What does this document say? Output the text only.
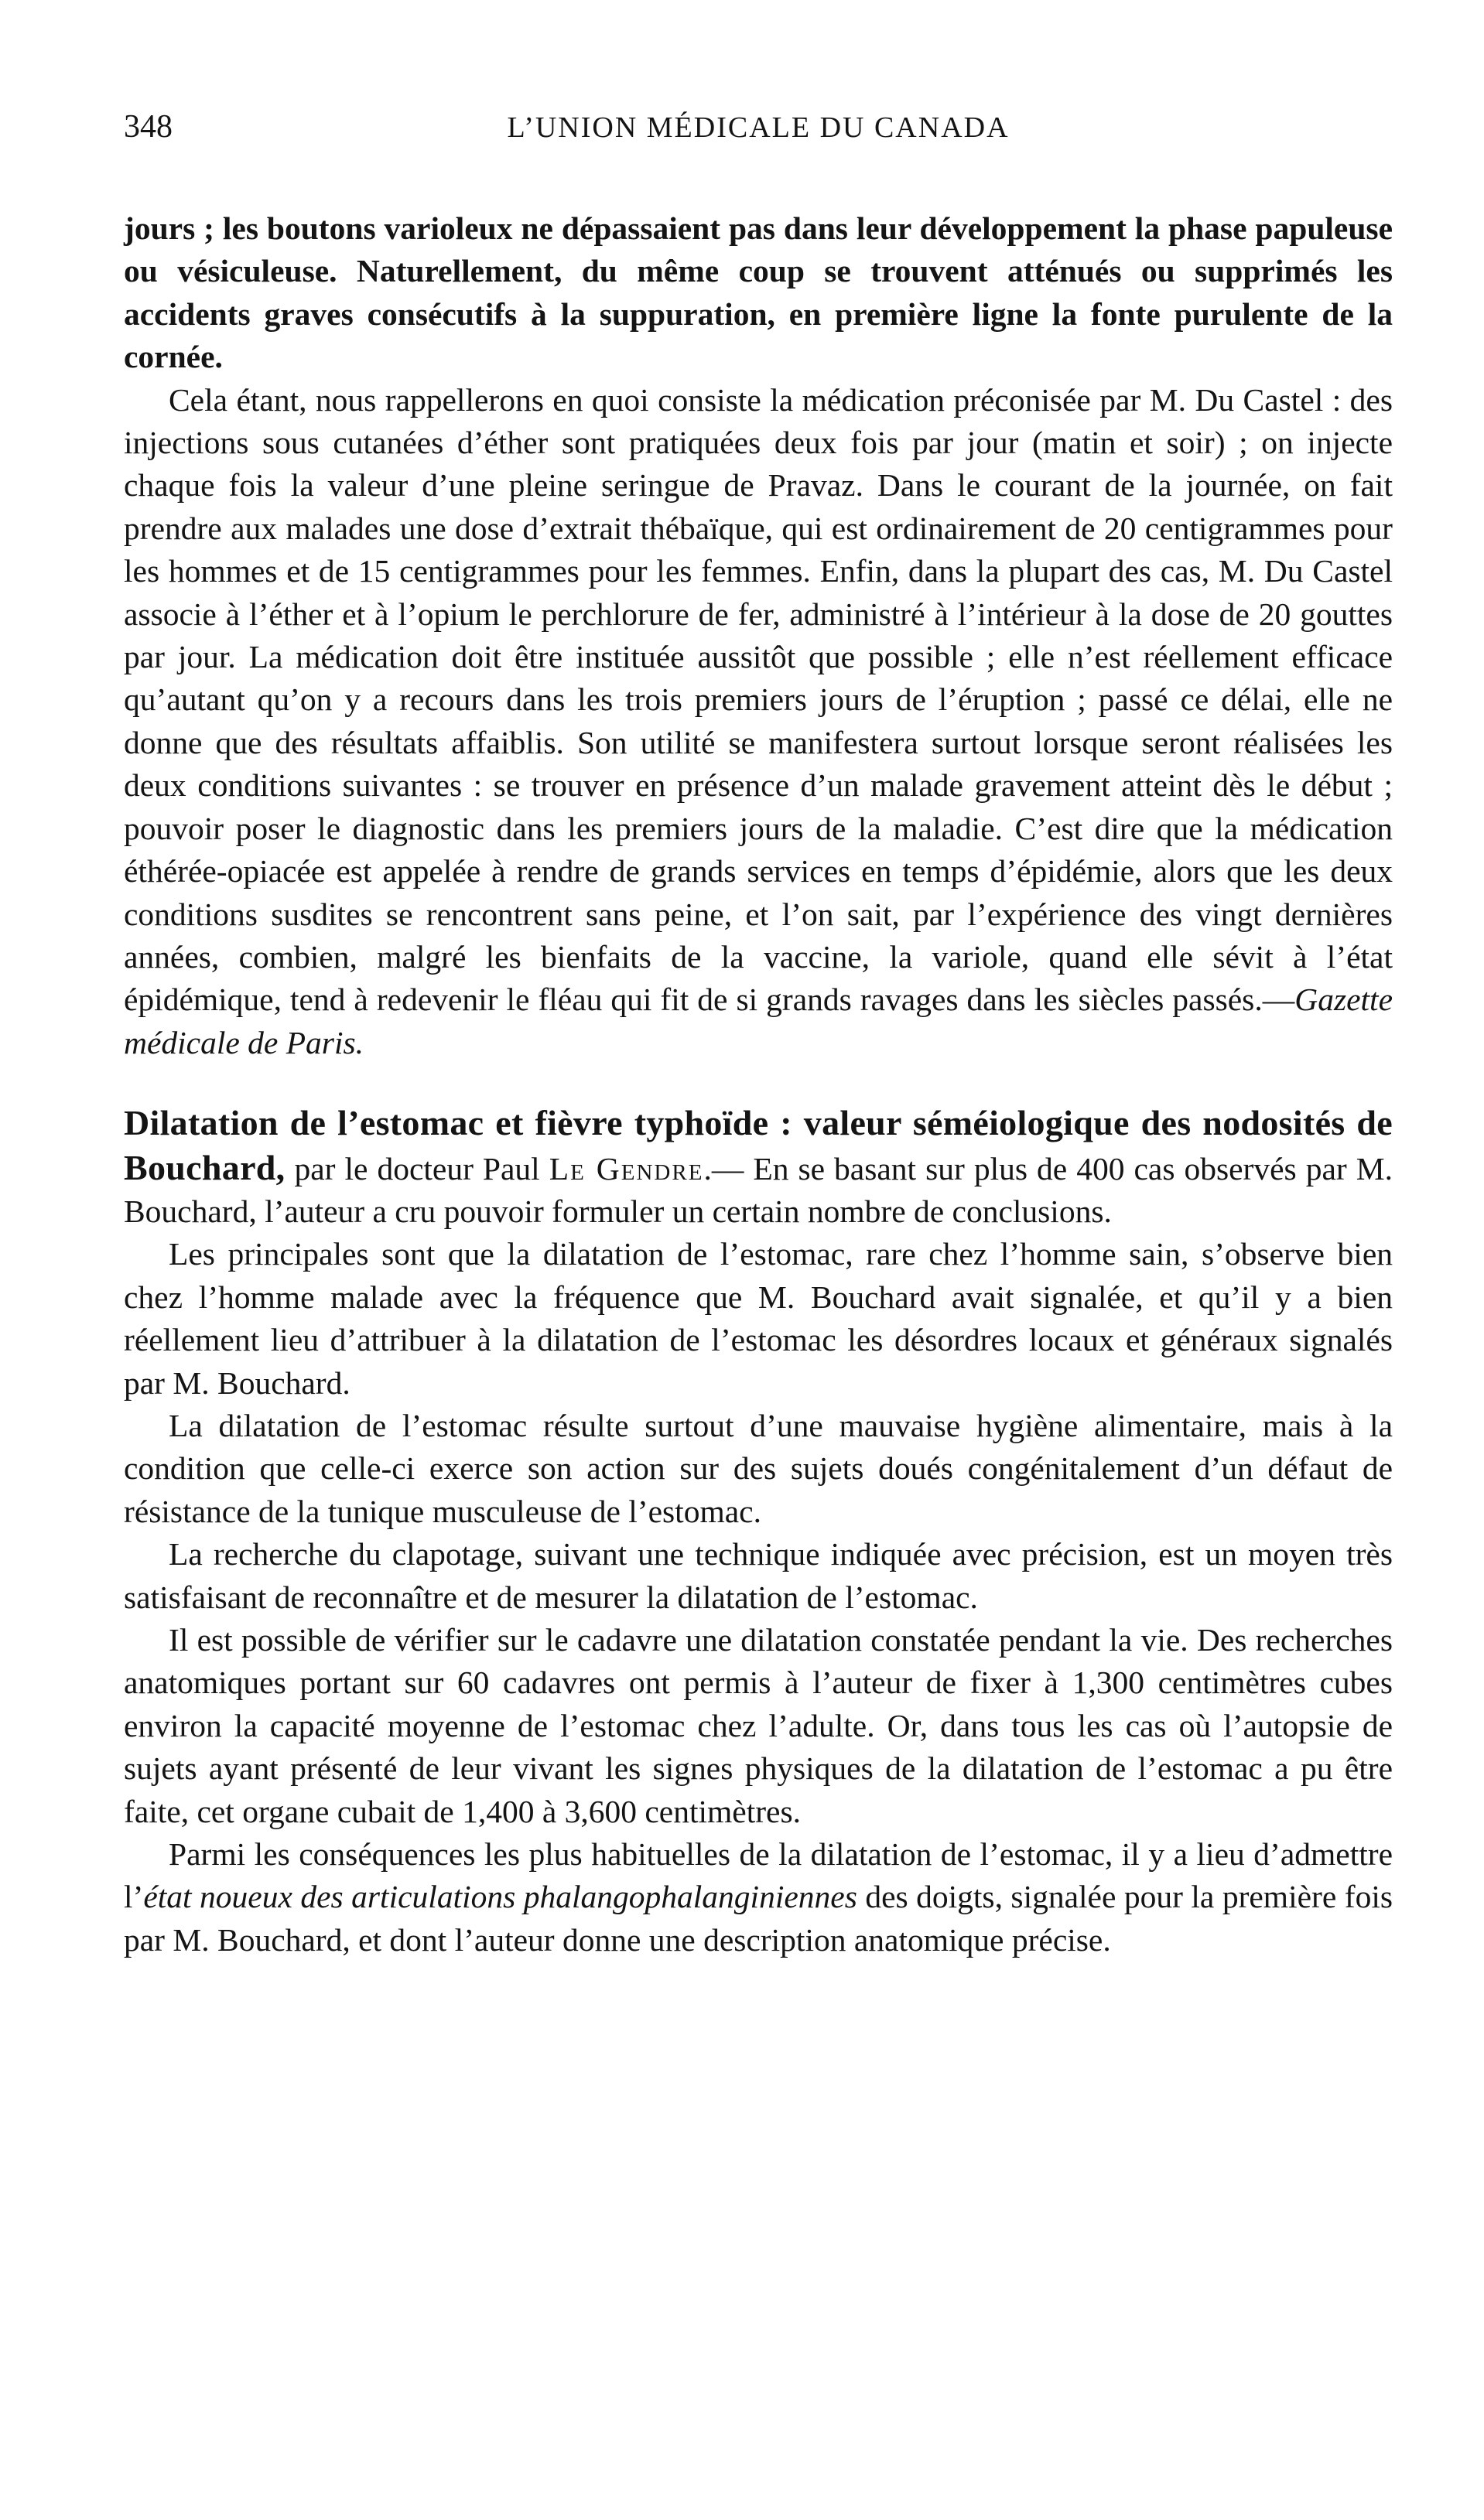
348	L’UNION MÉDICALE DU CANADA

jours ; les boutons varioleux ne dépassaient pas dans leur développement la phase papuleuse ou vésiculeuse. Naturellement, du même coup se trouvent atténués ou supprimés les accidents graves consécutifs à la suppuration, en première ligne la fonte purulente de la cornée.

Cela étant, nous rappellerons en quoi consiste la médication préconisée par M. Du Castel : des injections sous cutanées d’éther sont pratiquées deux fois par jour (matin et soir) ; on injecte chaque fois la valeur d’une pleine seringue de Pravaz. Dans le courant de la journée, on fait prendre aux malades une dose d’extrait thébaïque, qui est ordinairement de 20 centigrammes pour les hommes et de 15 centigrammes pour les femmes. Enfin, dans la plupart des cas, M. Du Castel associe à l’éther et à l’opium le perchlorure de fer, administré à l’intérieur à la dose de 20 gouttes par jour. La médication doit être instituée aussitôt que possible ; elle n’est réellement efficace qu’autant qu’on y a recours dans les trois premiers jours de l’éruption ; passé ce délai, elle ne donne que des résultats affaiblis. Son utilité se manifestera surtout lorsque seront réalisées les deux conditions suivantes : se trouver en présence d’un malade gravement atteint dès le début ; pouvoir poser le diagnostic dans les premiers jours de la maladie. C’est dire que la médication éthérée-opiacée est appelée à rendre de grands services en temps d’épidémie, alors que les deux conditions susdites se rencontrent sans peine, et l’on sait, par l’expérience des vingt dernières années, combien, malgré les bienfaits de la vaccine, la variole, quand elle sévit à l’état épidémique, tend à redevenir le fléau qui fit de si grands ravages dans les siècles passés.—Gazette médicale de Paris.

Dilatation de l’estomac et fièvre typhoïde : valeur séméiologique des nodosités de Bouchard, par le docteur Paul Le Gendre.— En se basant sur plus de 400 cas observés par M. Bouchard, l’auteur a cru pouvoir formuler un certain nombre de conclusions.

Les principales sont que la dilatation de l’estomac, rare chez l’homme sain, s’observe bien chez l’homme malade avec la fréquence que M. Bouchard avait signalée, et qu’il y a bien réellement lieu d’attribuer à la dilatation de l’estomac les désordres locaux et généraux signalés par M. Bouchard.

La dilatation de l’estomac résulte surtout d’une mauvaise hygiène alimentaire, mais à la condition que celle-ci exerce son action sur des sujets doués congénitalement d’un défaut de résistance de la tunique musculeuse de l’estomac.

La recherche du clapotage, suivant une technique indiquée avec précision, est un moyen très satisfaisant de reconnaître et de mesurer la dilatation de l’estomac.

Il est possible de vérifier sur le cadavre une dilatation constatée pendant la vie. Des recherches anatomiques portant sur 60 cadavres ont permis à l’auteur de fixer à 1,300 centimètres cubes environ la capacité moyenne de l’estomac chez l’adulte. Or, dans tous les cas où l’autopsie de sujets ayant présenté de leur vivant les signes physiques de la dilatation de l’estomac a pu être faite, cet organe cubait de 1,400 à 3,600 centimètres.

Parmi les conséquences les plus habituelles de la dilatation de l’estomac, il y a lieu d’admettre l’état noueux des articulations phalangophalanginiennes des doigts, signalée pour la première fois par M. Bouchard, et dont l’auteur donne une description anatomique précise.
